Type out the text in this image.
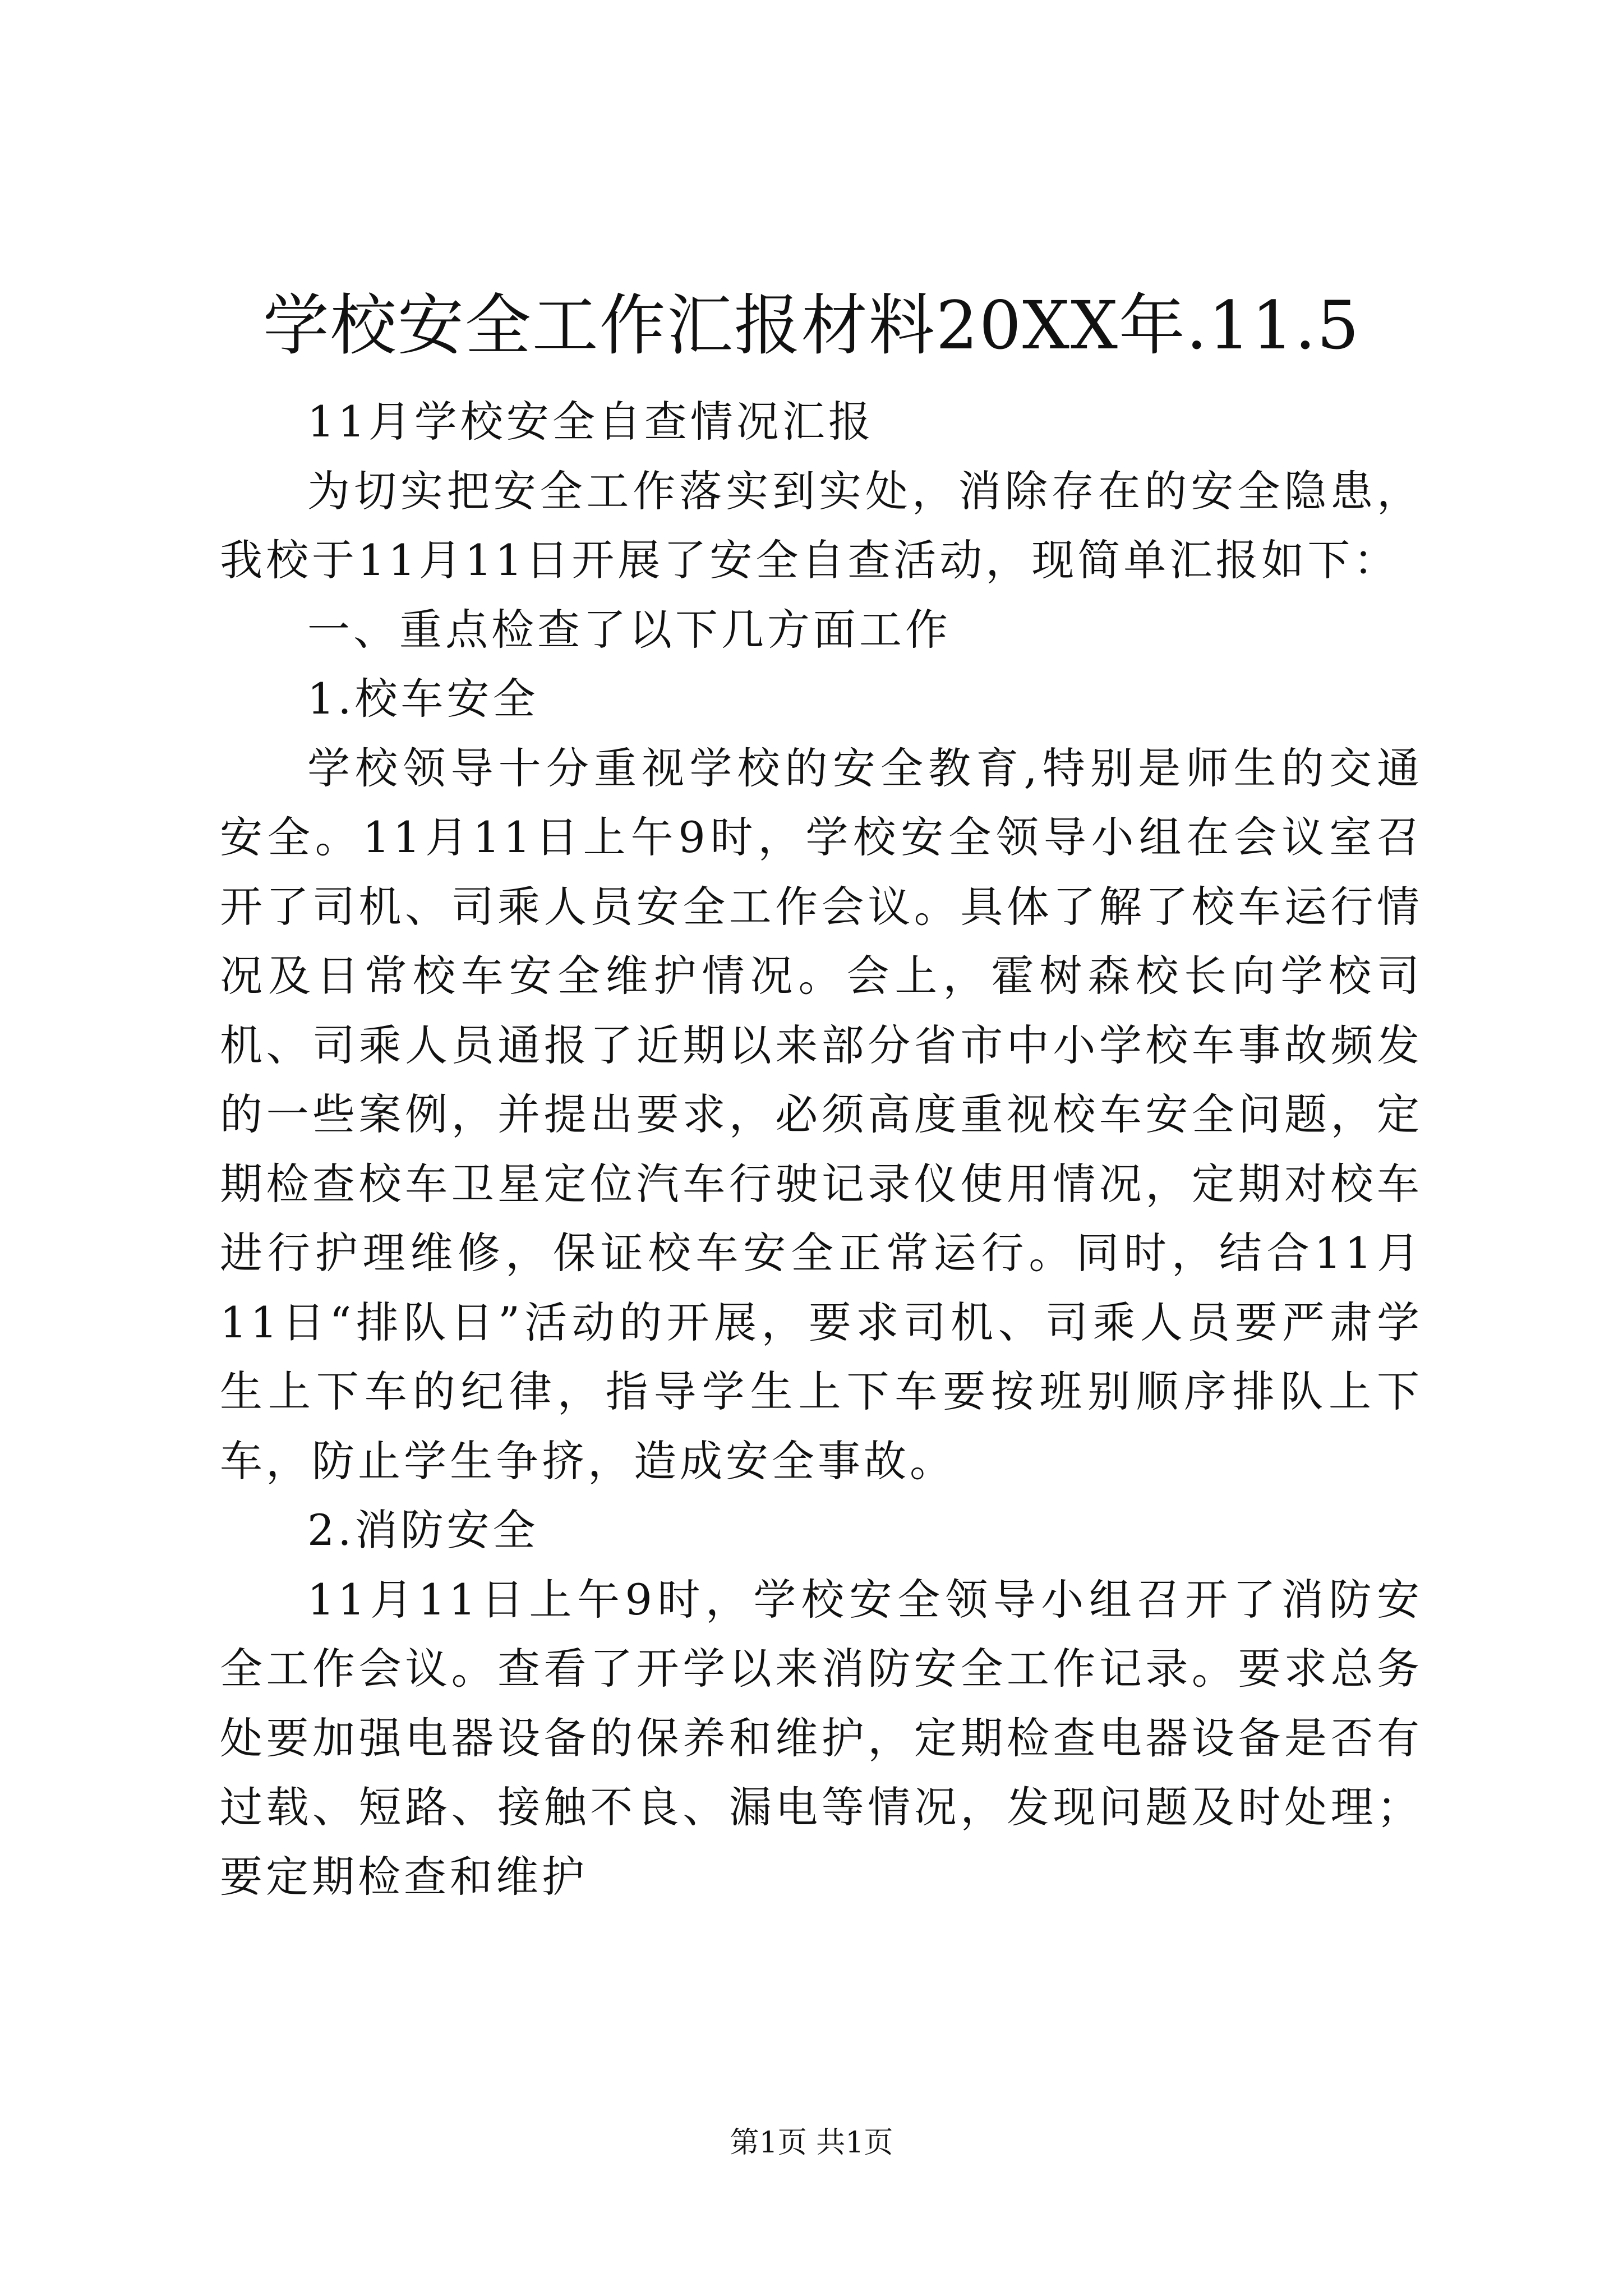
学校安全工作汇报材料20XX年.11.5

11月学校安全自查情况汇报

为切实把安全工作落实到实处，消除存在的安全隐患，我校于11月11日开展了安全自查活动，现简单汇报如下：

一、重点检查了以下几方面工作

1.校车安全

学校领导十分重视学校的安全教育,特别是师生的交通安全。11月11日上午9时，学校安全领导小组在会议室召开了司机、司乘人员安全工作会议。具体了解了校车运行情况及日常校车安全维护情况。会上，霍树森校长向学校司机、司乘人员通报了近期以来部分省市中小学校车事故频发的一些案例，并提出要求，必须高度重视校车安全问题，定期检查校车卫星定位汽车行驶记录仪使用情况，定期对校车进行护理维修，保证校车安全正常运行。同时，结合11月11日“排队日”活动的开展，要求司机、司乘人员要严肃学生上下车的纪律，指导学生上下车要按班别顺序排队上下车，防止学生争挤，造成安全事故。

2.消防安全

11月11日上午9时，学校安全领导小组召开了消防安全工作会议。查看了开学以来消防安全工作记录。要求总务处要加强电器设备的保养和维护，定期检查电器设备是否有过载、短路、接触不良、漏电等情况，发现问题及时处理；要定期检查和维护

第1页 共1页
